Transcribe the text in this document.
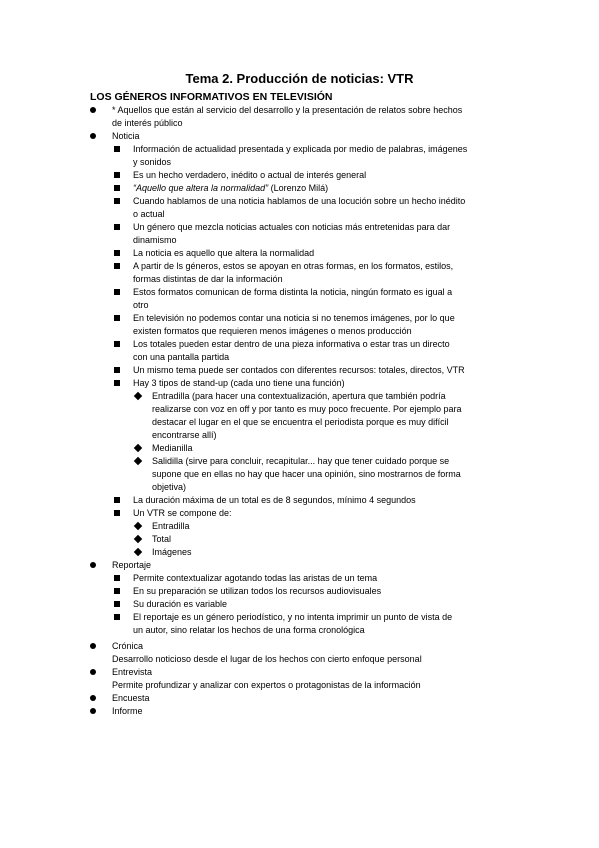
Tema 2. Producción de noticias: VTR
LOS GÉNEROS INFORMATIVOS EN TELEVISIÓN

* Aquellos que están al servicio del desarrollo y la presentación de relatos sobre hechos

de interés público

Noticia

Información de actualidad presentada y explicada por medio de palabras, imágenes

y sonidos

Es un hecho verdadero, inédito o actual de interés general

“Aquello que altera la normalidad” (Lorenzo Milá)

Cuando hablamos de una noticia hablamos de una locución sobre un hecho inédito

o actual

Un género que mezcla noticias actuales con noticias más entretenidas para dar

dinamismo

La noticia es aquello que altera la normalidad

A partir de ls géneros, estos se apoyan en otras formas, en los formatos, estilos,

formas distintas de dar la información

Estos formatos comunican de forma distinta la noticia, ningún formato es igual a

otro

En televisión no podemos contar una noticia si no tenemos imágenes, por lo que

existen formatos que requieren menos imágenes o menos producción

Los totales pueden estar dentro de una pieza informativa o estar tras un directo

con una pantalla partida

Un mismo tema puede ser contados con diferentes recursos: totales, directos, VTR

Hay 3 tipos de stand-up (cada uno tiene una función)

Entradilla (para hacer una contextualización, apertura que también podría

realizarse con voz en off y por tanto es muy poco frecuente. Por ejemplo para

destacar el lugar en el que se encuentra el periodista porque es muy difícil

encontrarse allí)

Medianilla

Salidilla (sirve para concluir, recapitular... hay que tener cuidado porque se

supone que en ellas no hay que hacer una opinión, sino mostrarnos de forma

objetiva)

La duración máxima de un total es de 8 segundos, mínimo 4 segundos

Un VTR se compone de:

Entradilla

Total

Imágenes

Reportaje

Permite contextualizar agotando todas las aristas de un tema

En su preparación se utilizan todos los recursos audiovisuales

Su duración es variable

El reportaje es un género periodístico, y no intenta imprimir un punto de vista de

un autor, sino relatar los hechos de una forma cronológica

Crónica

Desarrollo noticioso desde el lugar de los hechos con cierto enfoque personal

Entrevista

Permite profundizar y analizar con expertos o protagonistas de la información

Encuesta

Informe
